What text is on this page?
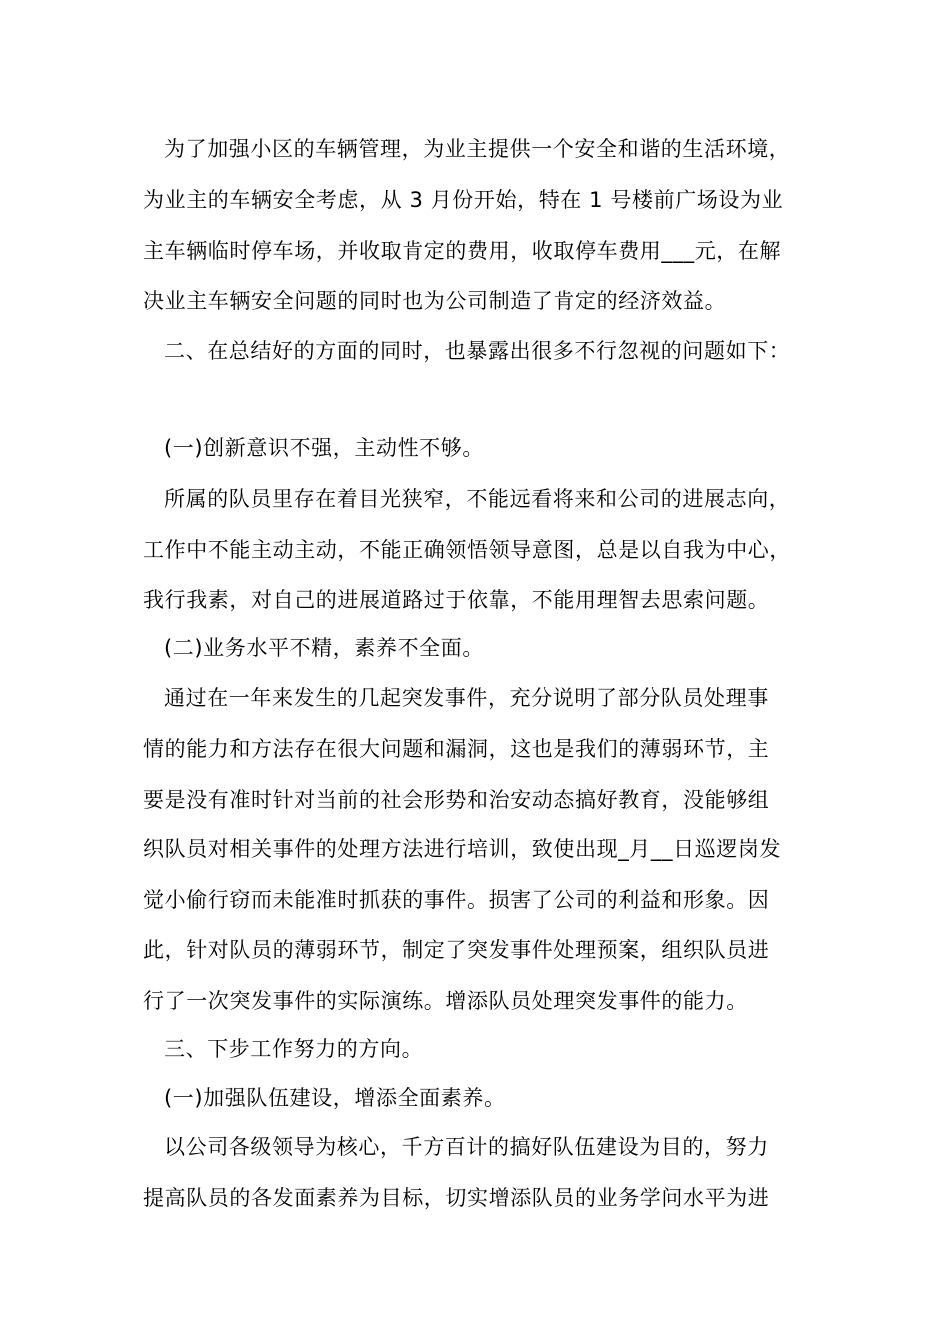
为了加强小区的车辆管理，为业主提供一个安全和谐的生活环境，
为业主的车辆安全考虑，从 3 月份开始，特在 1 号楼前广场设为业
主车辆临时停车场，并收取肯定的费用，收取停车费用___元，在解
决业主车辆安全问题的同时也为公司制造了肯定的经济效益。
二、在总结好的方面的同时，也暴露出很多不行忽视的问题如下：
(一)创新意识不强，主动性不够。
所属的队员里存在着目光狭窄，不能远看将来和公司的进展志向，
工作中不能主动主动，不能正确领悟领导意图，总是以自我为中心，
我行我素，对自己的进展道路过于依靠，不能用理智去思索问题。
(二)业务水平不精，素养不全面。
通过在一年来发生的几起突发事件，充分说明了部分队员处理事
情的能力和方法存在很大问题和漏洞，这也是我们的薄弱环节，主
要是没有准时针对当前的社会形势和治安动态搞好教育，没能够组
织队员对相关事件的处理方法进行培训，致使出现_月__日巡逻岗发
觉小偷行窃而未能准时抓获的事件。损害了公司的利益和形象。因
此，针对队员的薄弱环节，制定了突发事件处理预案，组织队员进
行了一次突发事件的实际演练。增添队员处理突发事件的能力。
三、下步工作努力的方向。
(一)加强队伍建设，增添全面素养。
以公司各级领导为核心，千方百计的搞好队伍建设为目的，努力
提高队员的各发面素养为目标，切实增添队员的业务学问水平为进
